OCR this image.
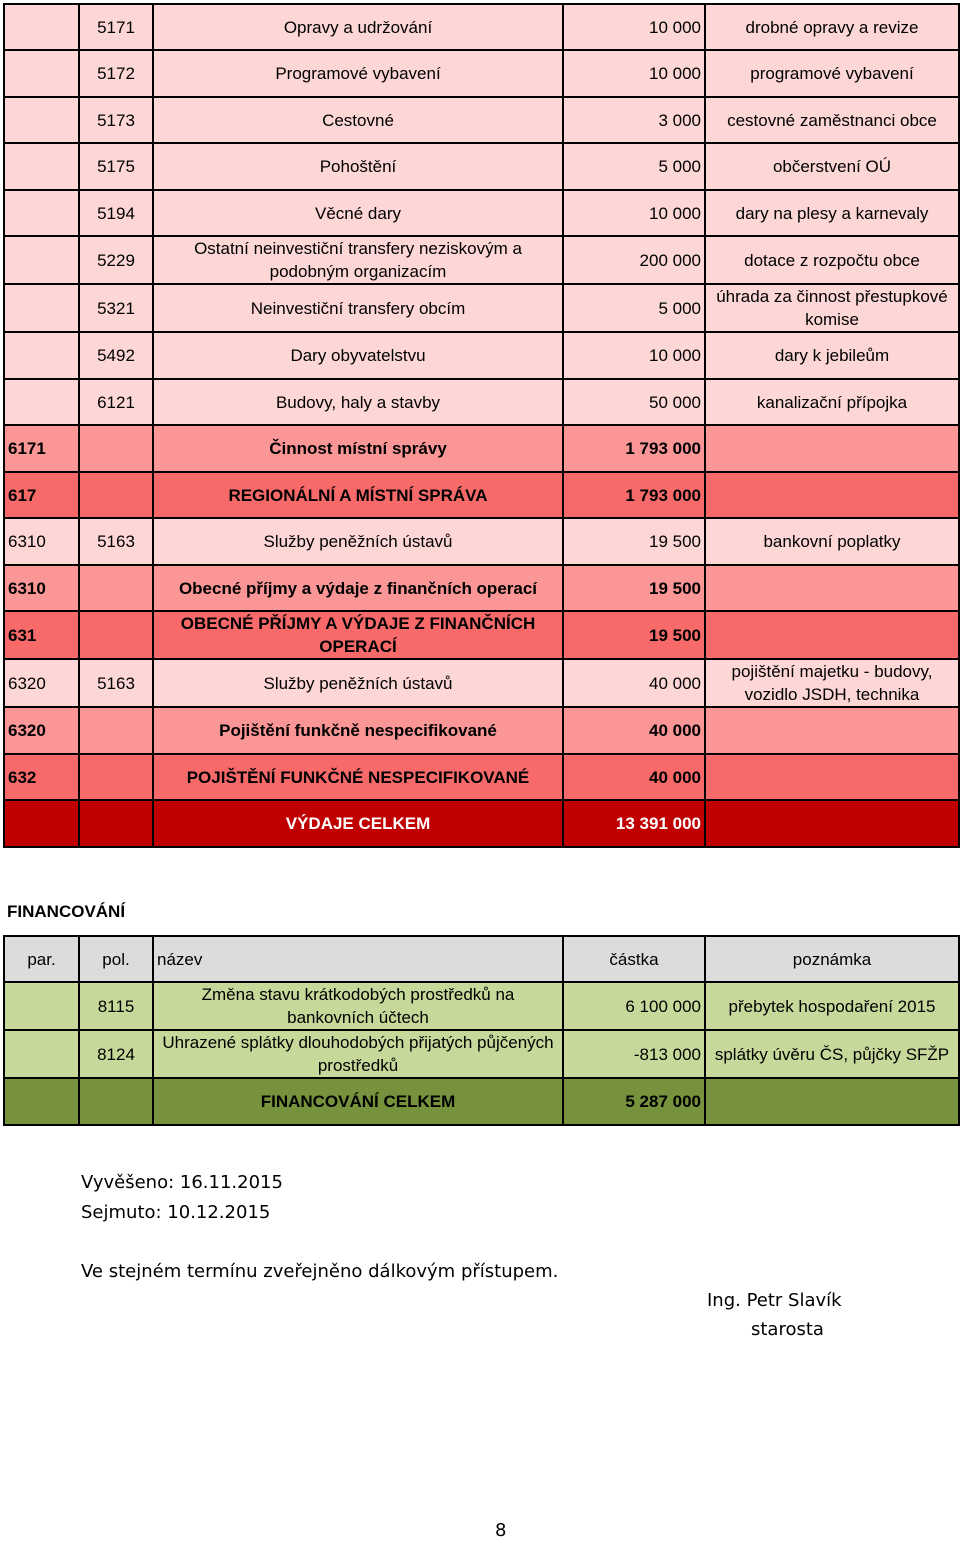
	5171	Opravy a udržování	10 000	drobné opravy a revize
	5172	Programové vybavení	10 000	programové vybavení
	5173	Cestovné	3 000	cestovné zaměstnanci obce
	5175	Pohoštění	5 000	občerstvení OÚ
	5194	Věcné dary	10 000	dary na plesy a karnevaly
	5229	Ostatní neinvestiční transfery neziskovým a podobným organizacím	200 000	dotace z rozpočtu obce
	5321	Neinvestiční transfery obcím	5 000	úhrada za činnost přestupkové komise
	5492	Dary obyvatelstvu	10 000	dary k jebileům
	6121	Budovy, haly a stavby	50 000	kanalizační přípojka
6171		Činnost místní správy	1 793 000	
617		REGIONÁLNÍ A MÍSTNÍ SPRÁVA	1 793 000	
6310	5163	Služby peněžních ústavů	19 500	bankovní poplatky
6310		Obecné příjmy a výdaje z finančních operací	19 500	
631		OBECNÉ PŘÍJMY A VÝDAJE Z FINANČNÍCH OPERACÍ	19 500	
6320	5163	Služby peněžních ústavů	40 000	pojištění majetku - budovy, vozidlo JSDH, technika
6320		Pojištění funkčně nespecifikované	40 000	
632		POJIŠTĚNÍ FUNKČNÉ NESPECIFIKOVANÉ	40 000	
		VÝDAJE CELKEM	13 391 000	
FINANCOVÁNÍ
par.	pol.	název	částka	poznámka
	8115	Změna stavu krátkodobých prostředků na bankovních účtech	6 100 000	přebytek hospodaření 2015
	8124	Uhrazené splátky dlouhodobých přijatých půjčených prostředků	-813 000	splátky úvěru ČS, půjčky SFŽP
		FINANCOVÁNÍ CELKEM	5 287 000	
Vyvěšeno: 16.11.2015
Sejmuto: 10.12.2015
Ve stejném termínu zveřejněno dálkovým přístupem.
Ing. Petr Slavík
starosta
8
